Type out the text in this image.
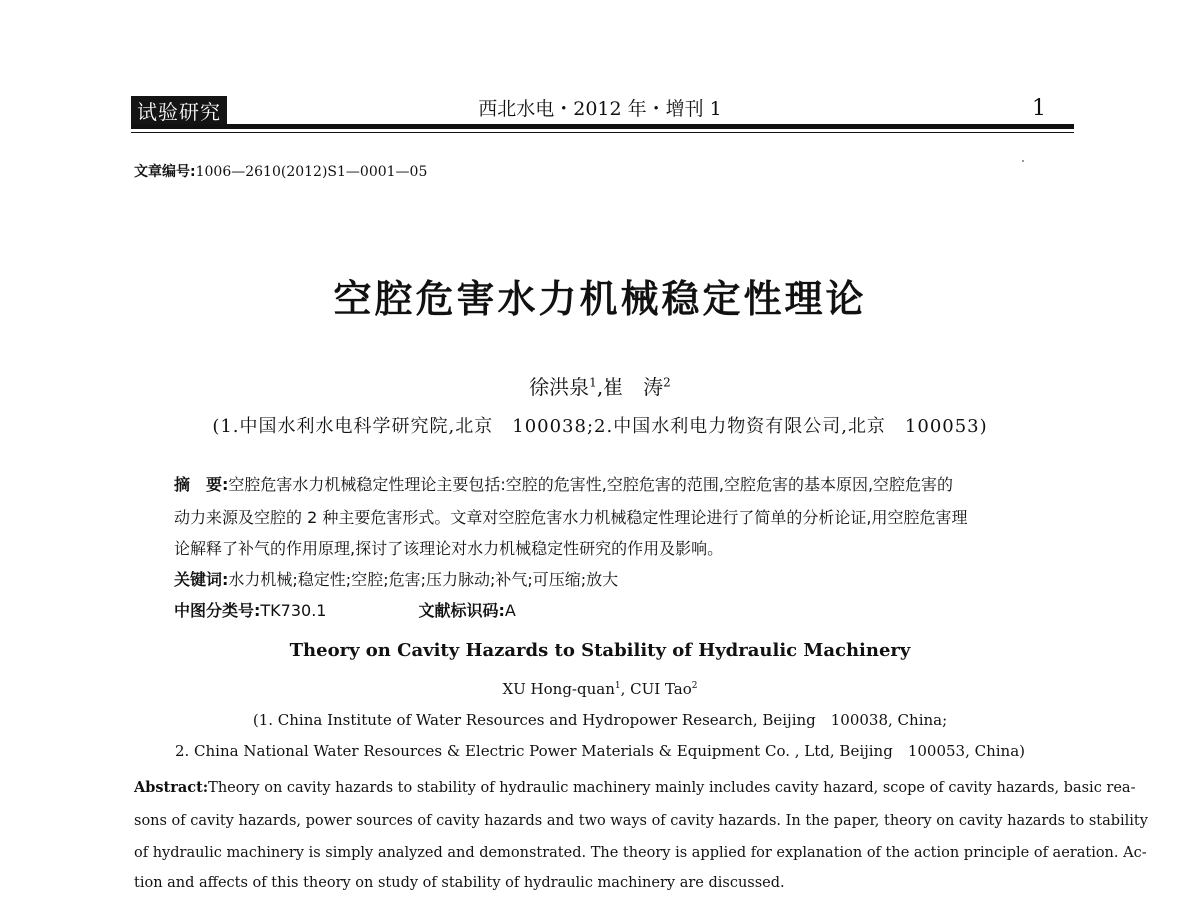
试验研究	西北水电・2012 年・增刊 1	1
文章编号:1006—2610(2012)S1—0001—05
空腔危害水力机械稳定性理论
徐洪泉$^1$,崔　涛$^2$
(1.中国水利水电科学研究院,北京　100038;2.中国水利电力物资有限公司,北京　100053)
摘　要:空腔危害水力机械稳定性理论主要包括:空腔的危害性,空腔危害的范围,空腔危害的基本原因,空腔危害的
动力来源及空腔的 2 种主要危害形式。文章对空腔危害水力机械稳定性理论进行了简单的分析论证,用空腔危害理
论解释了补气的作用原理,探讨了该理论对水力机械稳定性研究的作用及影响。
关键词:水力机械;稳定性;空腔;危害;压力脉动;补气;可压缩;放大
中图分类号:TK730.1	文献标识码:A
Theory on Cavity Hazards to Stability of Hydraulic Machinery
XU Hong-quan$^1$, CUI Tao$^2$
(1. China Institute of Water Resources and Hydropower Research, Beijing　100038, China;
2. China National Water Resources & Electric Power Materials & Equipment Co. , Ltd, Beijing　100053, China)
Abstract:Theory on cavity hazards to stability of hydraulic machinery mainly includes cavity hazard, scope of cavity hazards, basic rea-
sons of cavity hazards, power sources of cavity hazards and two ways of cavity hazards. In the paper, theory on cavity hazards to stability
of hydraulic machinery is simply analyzed and demonstrated. The theory is applied for explanation of the action principle of aeration. Ac-
tion and affects of this theory on study of stability of hydraulic machinery are discussed.
